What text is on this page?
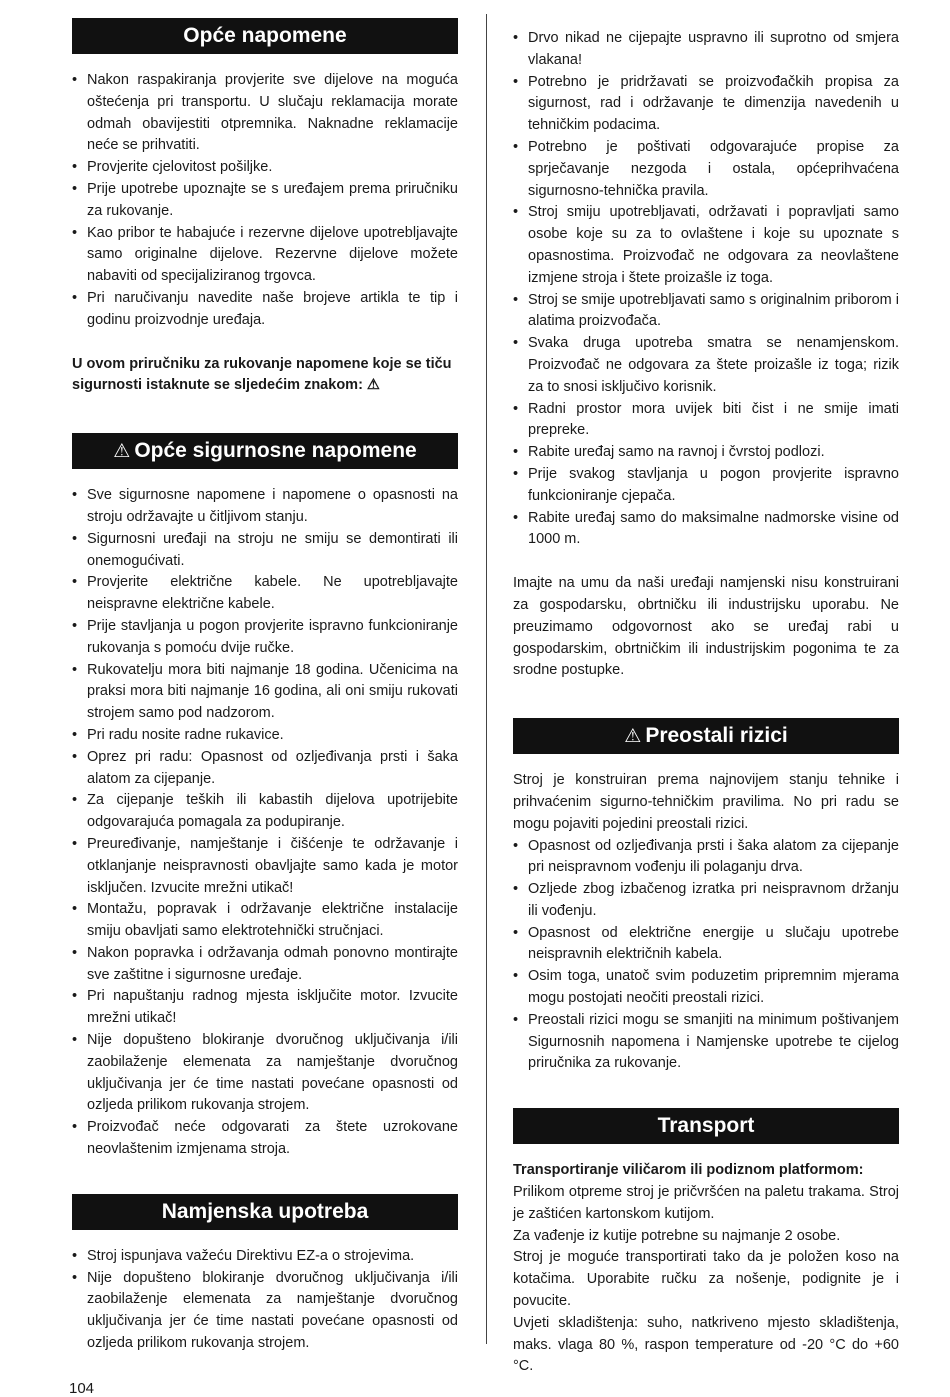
Opće napomene
• Nakon raspakiranja provjerite sve dijelove na moguća oštećenja pri transportu. U slučaju reklamacija morate odmah obavijestiti otpremnika. Naknadne reklamacije neće se prihvatiti.
• Provjerite cjelovitost pošiljke.
• Prije upotrebe upoznajte se s uređajem prema priručniku za rukovanje.
• Kao pribor te habajuće i rezervne dijelove upotrebljavajte samo originalne dijelove. Rezervne dijelove možete nabaviti od specijaliziranog trgovca.
• Pri naručivanju navedite naše brojeve artikla te tip i godinu proizvodnje uređaja.

U ovom priručniku za rukovanje napomene koje se tiču sigurnosti istaknute se sljedećim znakom: ⚠

⚠ Opće sigurnosne napomene
• Sve sigurnosne napomene i napomene o opasnosti na stroju održavajte u čitljivom stanju.
• Sigurnosni uređaji na stroju ne smiju se demontirati ili onemogućivati.
• Provjerite električne kabele. Ne upotrebljavajte neispravne električne kabele.
• Prije stavljanja u pogon provjerite ispravno funkcioniranje rukovanja s pomoću dvije ručke.
• Rukovatelju mora biti najmanje 18 godina. Učenicima na praksi mora biti najmanje 16 godina, ali oni smiju rukovati strojem samo pod nadzorom.
• Pri radu nosite radne rukavice.
• Oprez pri radu: Opasnost od ozljeđivanja prsti i šaka alatom za cijepanje.
• Za cijepanje teških ili kabastih dijelova upotrijebite odgovarajuća pomagala za podupiranje.
• Preuređivanje, namještanje i čišćenje te održavanje i otklanjanje neispravnosti obavljajte samo kada je motor isključen. Izvucite mrežni utikač!
• Montažu, popravak i održavanje električne instalacije smiju obavljati samo elektrotehnički stručnjaci.
• Nakon popravka i održavanja odmah ponovno montirajte sve zaštitne i sigurnosne uređaje.
• Pri napuštanju radnog mjesta isključite motor. Izvucite mrežni utikač!
• Nije dopušteno blokiranje dvoručnog uključivanja i/ili zaobilaženje elemenata za namještanje dvoručnog uključivanja jer će time nastati povećane opasnosti od ozljeda prilikom rukovanja strojem.
• Proizvođač neće odgovarati za štete uzrokovane neovlaštenim izmjenama stroja.
Namjenska upotreba
• Stroj ispunjava važeću Direktivu EZ-a o strojevima.
• Nije dopušteno blokiranje dvoručnog uključivanja i/ili zaobilaženje elemenata za namještanje dvoručnog uključivanja jer će time nastati povećane opasnosti od ozljeda prilikom rukovanja strojem.
• Drvo nikad ne cijepajte uspravno ili suprotno od smjera vlakana!
• Potrebno je pridržavati se proizvođačkih propisa za sigurnost, rad i održavanje te dimenzija navedenih u tehničkim podacima.
• Potrebno je poštivati odgovarajuće propise za sprječavanje nezgoda i ostala, općeprihvaćena sigurnosno-tehnička pravila.
• Stroj smiju upotrebljavati, održavati i popravljati samo osobe koje su za to ovlaštene i koje su upoznate s opasnostima. Proizvođač ne odgovara za neovlaštene izmjene stroja i štete proizašle iz toga.
• Stroj se smije upotrebljavati samo s originalnim priborom i alatima proizvođača.
• Svaka druga upotreba smatra se nenamjenskom. Proizvođač ne odgovara za štete proizašle iz toga; rizik za to snosi isključivo korisnik.
• Radni prostor mora uvijek biti čist i ne smije imati prepreke.
• Rabite uređaj samo na ravnoj i čvrstoj podlozi.
• Prije svakog stavljanja u pogon provjerite ispravno funkcioniranje cjepača.
• Rabite uređaj samo do maksimalne nadmorske visine od 1000 m.

Imajte na umu da naši uređaji namjenski nisu konstruirani za gospodarsku, obrtničku ili industrijsku uporabu. Ne preuzimamo odgovornost ako se uređaj rabi u gospodarskim, obrtničkim ili industrijskim pogonima te za srodne postupke.

⚠ Preostali rizici

Stroj je konstruiran prema najnovijem stanju tehnike i prihvaćenim sigurno-tehničkim pravilima. No pri radu se mogu pojaviti pojedini preostali rizici.

• Opasnost od ozljeđivanja prsti i šaka alatom za cijepanje pri neispravnom vođenju ili polaganju drva.
• Ozljede zbog izbačenog izratka pri neispravnom držanju ili vođenju.
• Opasnost od električne energije u slučaju upotrebe neispravnih električnih kabela.
• Osim toga, unatoč svim poduzetim pripremnim mjerama mogu postojati neočiti preostali rizici.
• Preostali rizici mogu se smanjiti na minimum poštivanjem Sigurnosnih napomena i Namjenske upotrebe te cijelog priručnika za rukovanje.
Transport

Transportiranje viličarom ili podiznom platformom:

Prilikom otpreme stroj je pričvršćen na paletu trakama. Stroj je zaštićen kartonskom kutijom.

Za vađenje iz kutije potrebne su najmanje 2 osobe.

Stroj je moguće transportirati tako da je položen koso na kotačima. Uporabite ručku za nošenje, podignite je i povucite.

Uvjeti skladištenja: suho, natkriveno mjesto skladištenja, maks. vlaga 80 %, raspon temperature od -20 °C do +60 °C.

104
